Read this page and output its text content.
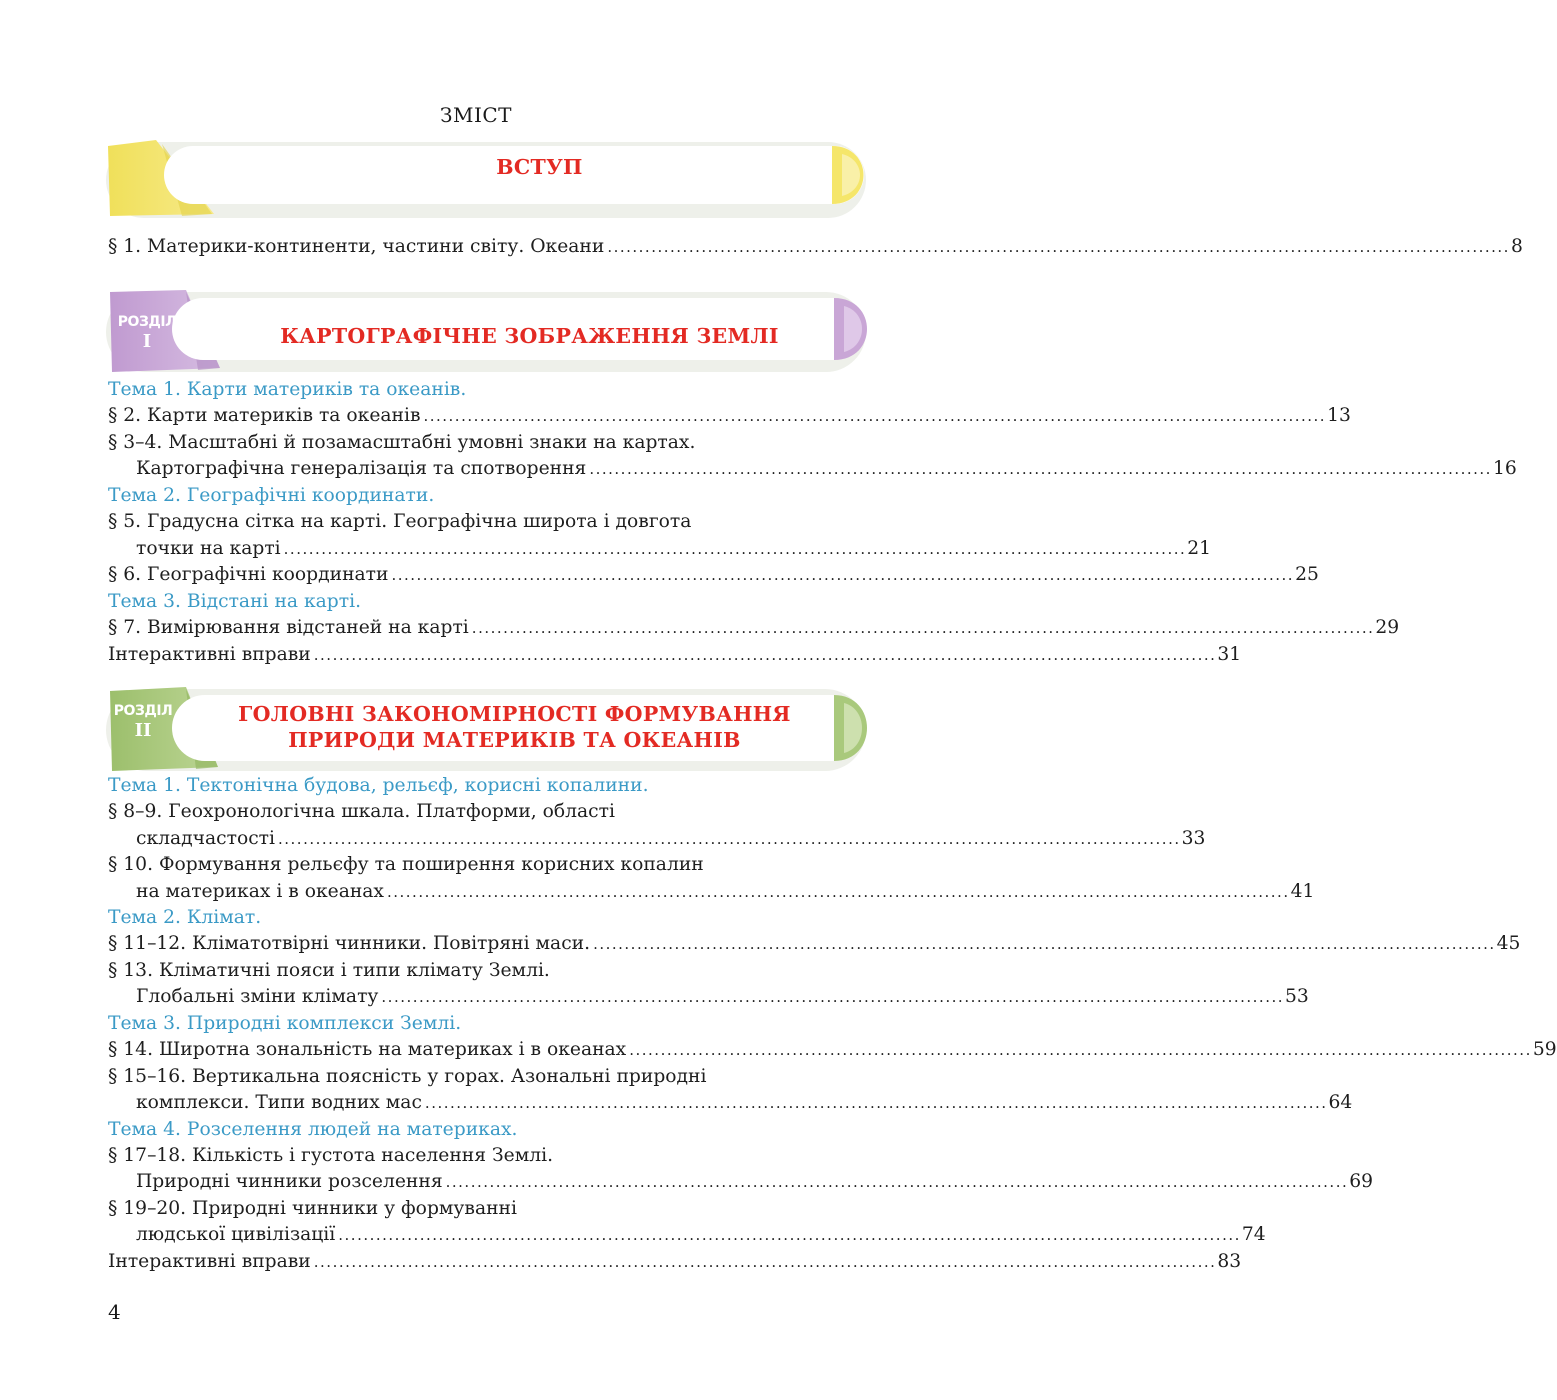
ЗМІСТ
ВСТУП
РОЗДІЛ
I	КАРТОГРАФІЧНЕ ЗОБРАЖЕННЯ ЗЕМЛІ
РОЗДІЛ
II
ГОЛОВНІ ЗАКОНОМІРНОСТІ ФОРМУВАННЯ
ПРИРОДИ МАТЕРИКІВ ТА ОКЕАНІВ
§ 1. Материки-континенти, частини світу. Океани ................................................................................................................................................ 8
Тема 1. Карти материків та океанів.
§ 2. Карти материків та океанів ................................................................................................................................................ 13
§ 3–4. Масштабні й позамасштабні умовні знаки на картах.
Картографічна генералізація та спотворення ................................................................................................................................................ 16
Тема 2. Географічні координати.
§ 5. Градусна сітка на карті. Географічна широта і довгота
точки на карті ................................................................................................................................................ 21
§ 6. Географічні координати ................................................................................................................................................ 25
Тема 3. Відстані на карті.
§ 7. Вимірювання відстаней на карті ................................................................................................................................................ 29
Інтерактивні вправи ................................................................................................................................................ 31
Тема 1. Тектонічна будова, рельєф, корисні копалини.
§ 8–9. Геохронологічна шкала. Платформи, області
складчастості ................................................................................................................................................ 33
§ 10. Формування рельєфу та поширення корисних копалин
на материках і в океанах ................................................................................................................................................ 41
Тема 2. Клімат.
§ 11–12. Кліматотвірні чинники. Повітряні маси. ................................................................................................................................................ 45
§ 13. Кліматичні пояси і типи клімату Землі.
Глобальні зміни клімату ................................................................................................................................................ 53
Тема 3. Природні комплекси Землі.
§ 14. Широтна зональність на материках і в океанах ................................................................................................................................................ 59
§ 15–16. Вертикальна поясність у горах. Азональні природні
комплекси. Типи водних мас ................................................................................................................................................ 64
Тема 4. Розселення людей на материках.
§ 17–18. Кількість і густота населення Землі.
Природні чинники розселення ................................................................................................................................................ 69
§ 19–20. Природні чинники у формуванні
людської цивілізації ................................................................................................................................................ 74
Інтерактивні вправи ................................................................................................................................................ 83
4
